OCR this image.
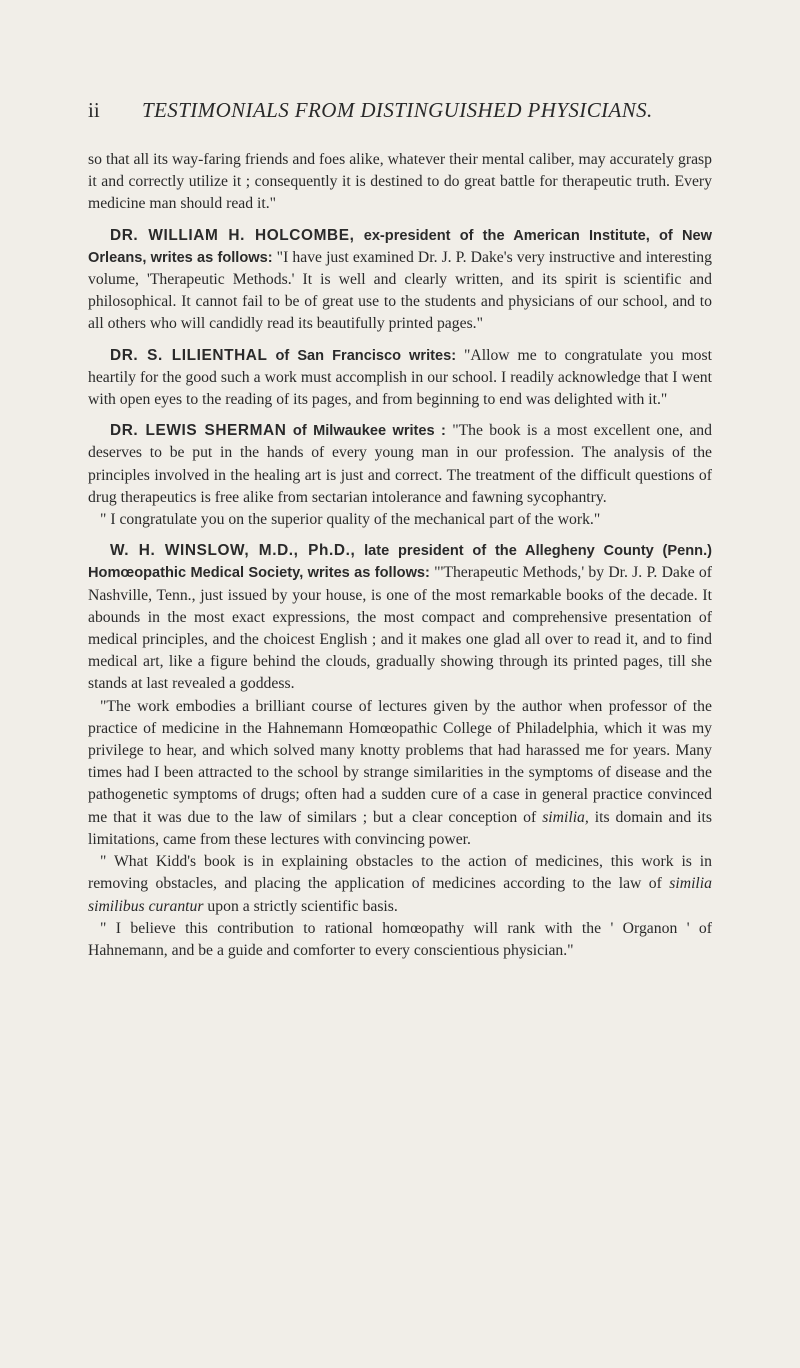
ii TESTIMONIALS FROM DISTINGUISHED PHYSICIANS.

so that all its way-faring friends and foes alike, whatever their mental caliber, may accurately grasp it and correctly utilize it ; consequently it is destined to do great battle for therapeutic truth. Every medicine man should read it."

DR. WILLIAM H. HOLCOMBE, ex-president of the American Institute, of New Orleans, writes as follows: "I have just examined Dr. J. P. Dake's very instructive and interesting volume, 'Therapeutic Methods.' It is well and clearly written, and its spirit is scientific and philosophical. It cannot fail to be of great use to the students and physicians of our school, and to all others who will candidly read its beautifully printed pages."

DR. S. LILIENTHAL of San Francisco writes: "Allow me to congratulate you most heartily for the good such a work must accomplish in our school. I readily acknowledge that I went with open eyes to the reading of its pages, and from beginning to end was delighted with it."

DR. LEWIS SHERMAN of Milwaukee writes : "The book is a most excellent one, and deserves to be put in the hands of every young man in our profession. The analysis of the principles involved in the healing art is just and correct. The treatment of the difficult questions of drug therapeutics is free alike from sectarian intolerance and fawning sycophantry.

" I congratulate you on the superior quality of the mechanical part of the work."

W. H. WINSLOW, M.D., Ph.D., late president of the Allegheny County (Penn.) Homœopathic Medical Society, writes as follows: "'Therapeutic Methods,' by Dr. J. P. Dake of Nashville, Tenn., just issued by your house, is one of the most remarkable books of the decade. It abounds in the most exact expressions, the most compact and comprehensive presentation of medical principles, and the choicest English ; and it makes one glad all over to read it, and to find medical art, like a figure behind the clouds, gradually showing through its printed pages, till she stands at last revealed a goddess.

"The work embodies a brilliant course of lectures given by the author when professor of the practice of medicine in the Hahnemann Homœopathic College of Philadelphia, which it was my privilege to hear, and which solved many knotty problems that had harassed me for years. Many times had I been attracted to the school by strange similarities in the symptoms of disease and the pathogenetic symptoms of drugs; often had a sudden cure of a case in general practice convinced me that it was due to the law of similars ; but a clear conception of similia, its domain and its limitations, came from these lectures with convincing power.

" What Kidd's book is in explaining obstacles to the action of medicines, this work is in removing obstacles, and placing the application of medicines according to the law of similia similibus curantur upon a strictly scientific basis.

" I believe this contribution to rational homœopathy will rank with the ' Organon ' of Hahnemann, and be a guide and comforter to every conscientious physician."
